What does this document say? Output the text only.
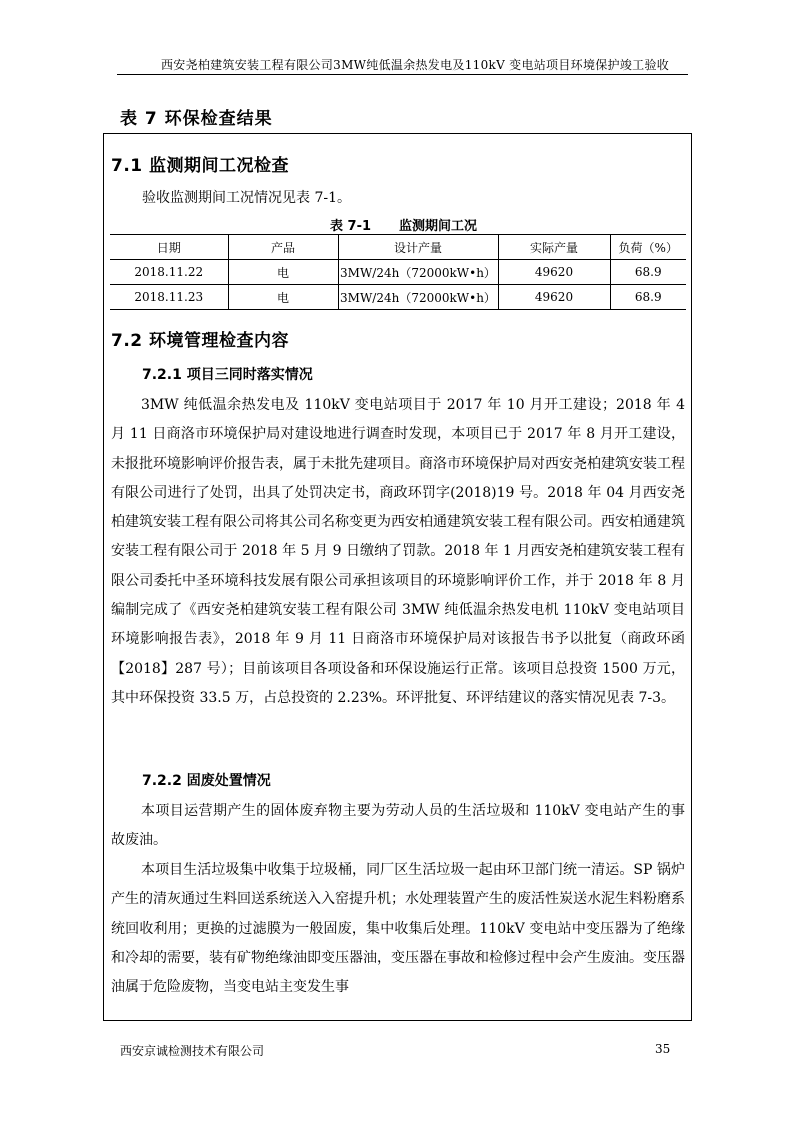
西安尧柏建筑安装工程有限公司3MW纯低温余热发电及110kV 变电站项目环境保护竣工验收
表 7 环保检查结果
7.1 监测期间工况检查
验收监测期间工况情况见表 7-1。
表 7-1 监测期间工况
日期	产品	设计产量	实际产量	负荷（%）
2018.11.22	电	3MW/24h（72000kW•h）	49620	68.9
2018.11.23	电	3MW/24h（72000kW•h）	49620	68.9
7.2 环境管理检查内容
7.2.1 项目三同时落实情况

3MW 纯低温余热发电及 110kV 变电站项目于 2017 年 10 月开工建设；2018 年 4 月 11 日商洛市环境保护局对建设地进行调查时发现，本项目已于 2017 年 8 月开工建设，未报批环境影响评价报告表，属于未批先建项目。商洛市环境保护局对西安尧柏建筑安装工程有限公司进行了处罚，出具了处罚决定书，商政环罚字(2018)19 号。2018 年 04 月西安尧柏建筑安装工程有限公司将其公司名称变更为西安柏通建筑安装工程有限公司。西安柏通建筑安装工程有限公司于 2018 年 5 月 9 日缴纳了罚款。2018 年 1 月西安尧柏建筑安装工程有限公司委托中圣环境科技发展有限公司承担该项目的环境影响评价工作，并于 2018 年 8 月编制完成了《西安尧柏建筑安装工程有限公司 3MW 纯低温余热发电机 110kV 变电站项目环境影响报告表》，2018 年 9 月 11 日商洛市环境保护局对该报告书予以批复（商政环函【2018】287 号）；目前该项目各项设备和环保设施运行正常。该项目总投资 1500 万元，其中环保投资 33.5 万，占总投资的 2.23%。环评批复、环评结建议的落实情况见表 7-3。

7.2.2 固废处置情况

本项目运营期产生的固体废弃物主要为劳动人员的生活垃圾和 110kV 变电站产生的事故废油。

本项目生活垃圾集中收集于垃圾桶，同厂区生活垃圾一起由环卫部门统一清运。SP 锅炉产生的清灰通过生料回送系统送入入窑提升机；水处理装置产生的废活性炭送水泥生料粉磨系统回收利用；更换的过滤膜为一般固废，集中收集后处理。110kV 变电站中变压器为了绝缘和冷却的需要，装有矿物绝缘油即变压器油，变压器在事故和检修过程中会产生废油。变压器油属于危险废物，当变电站主变发生事

西安京诚检测技术有限公司	35
